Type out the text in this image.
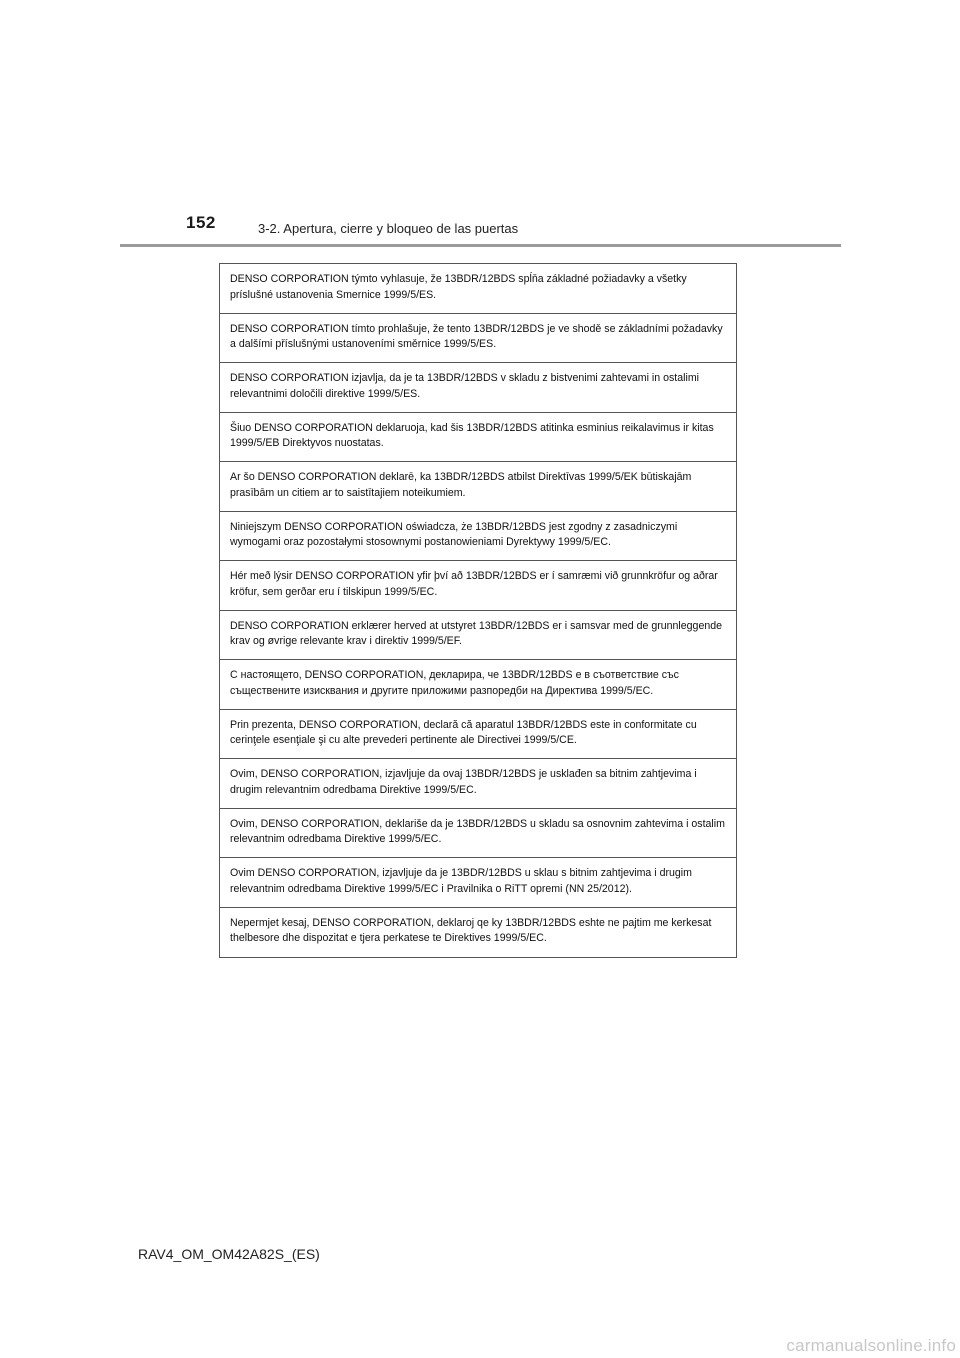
152	3-2. Apertura, cierre y bloqueo de las puertas
DENSO CORPORATION týmto vyhlasuje, že 13BDR/12BDS spĺňa základné požiadavky a všetky príslušné ustanovenia Smernice 1999/5/ES.
DENSO CORPORATION tímto prohlašuje, že tento 13BDR/12BDS je ve shodě se základními požadavky a dalšími příslušnými ustanoveními směrnice 1999/5/ES.
DENSO CORPORATION izjavlja, da je ta 13BDR/12BDS v skladu z bistvenimi zahtevami in ostalimi relevantnimi določili direktive 1999/5/ES.
Šiuo DENSO CORPORATION deklaruoja, kad šis 13BDR/12BDS atitinka esminius reikalavimus ir kitas 1999/5/EB Direktyvos nuostatas.
Ar šo DENSO CORPORATION deklarē, ka 13BDR/12BDS atbilst Direktīvas 1999/5/EK būtiskajām prasībām un citiem ar to saistītajiem noteikumiem.
Niniejszym DENSO CORPORATION oświadcza, że 13BDR/12BDS jest zgodny z zasadniczymi wymogami oraz pozostałymi stosownymi postanowieniami Dyrektywy 1999/5/EC.
Hér með lýsir DENSO CORPORATION yfir því að 13BDR/12BDS er í samræmi við grunnkröfur og aðrar kröfur, sem gerðar eru í tilskipun 1999/5/EC.
DENSO CORPORATION erklærer herved at utstyret 13BDR/12BDS er i samsvar med de grunnleggende krav og øvrige relevante krav i direktiv 1999/5/EF.
С настоящето, DENSO CORPORATION, декларира, че 13BDR/12BDS е в съответствие със съществените изисквания и другите приложими разпоредби на Директива 1999/5/ЕС.
Prin prezenta, DENSO CORPORATION, declară că aparatul 13BDR/12BDS este in conformitate cu cerinţele esenţiale şi cu alte prevederi pertinente ale Directivei 1999/5/CE.
Ovim, DENSO CORPORATION, izjavljuje da ovaj 13BDR/12BDS je usklađen sa bitnim zahtjevima i drugim relevantnim odredbama Direktive 1999/5/EC.
Ovim, DENSO CORPORATION, deklariše da je 13BDR/12BDS u skladu sa osnovnim zahtevima i ostalim relevantnim odredbama Direktive 1999/5/EC.
Ovim DENSO CORPORATION, izjavljuje da je 13BDR/12BDS u sklau s bitnim zahtjevima i drugim relevantnim odredbama Direktive 1999/5/EC i Pravilnika o RiTT opremi (NN 25/2012).
Nepermjet kesaj, DENSO CORPORATION, deklaroj qe ky 13BDR/12BDS eshte ne pajtim me kerkesat thelbesore dhe dispozitat e tjera perkatese te Direktives 1999/5/EC.
RAV4_OM_OM42A82S_(ES)
carmanualsonline.info
